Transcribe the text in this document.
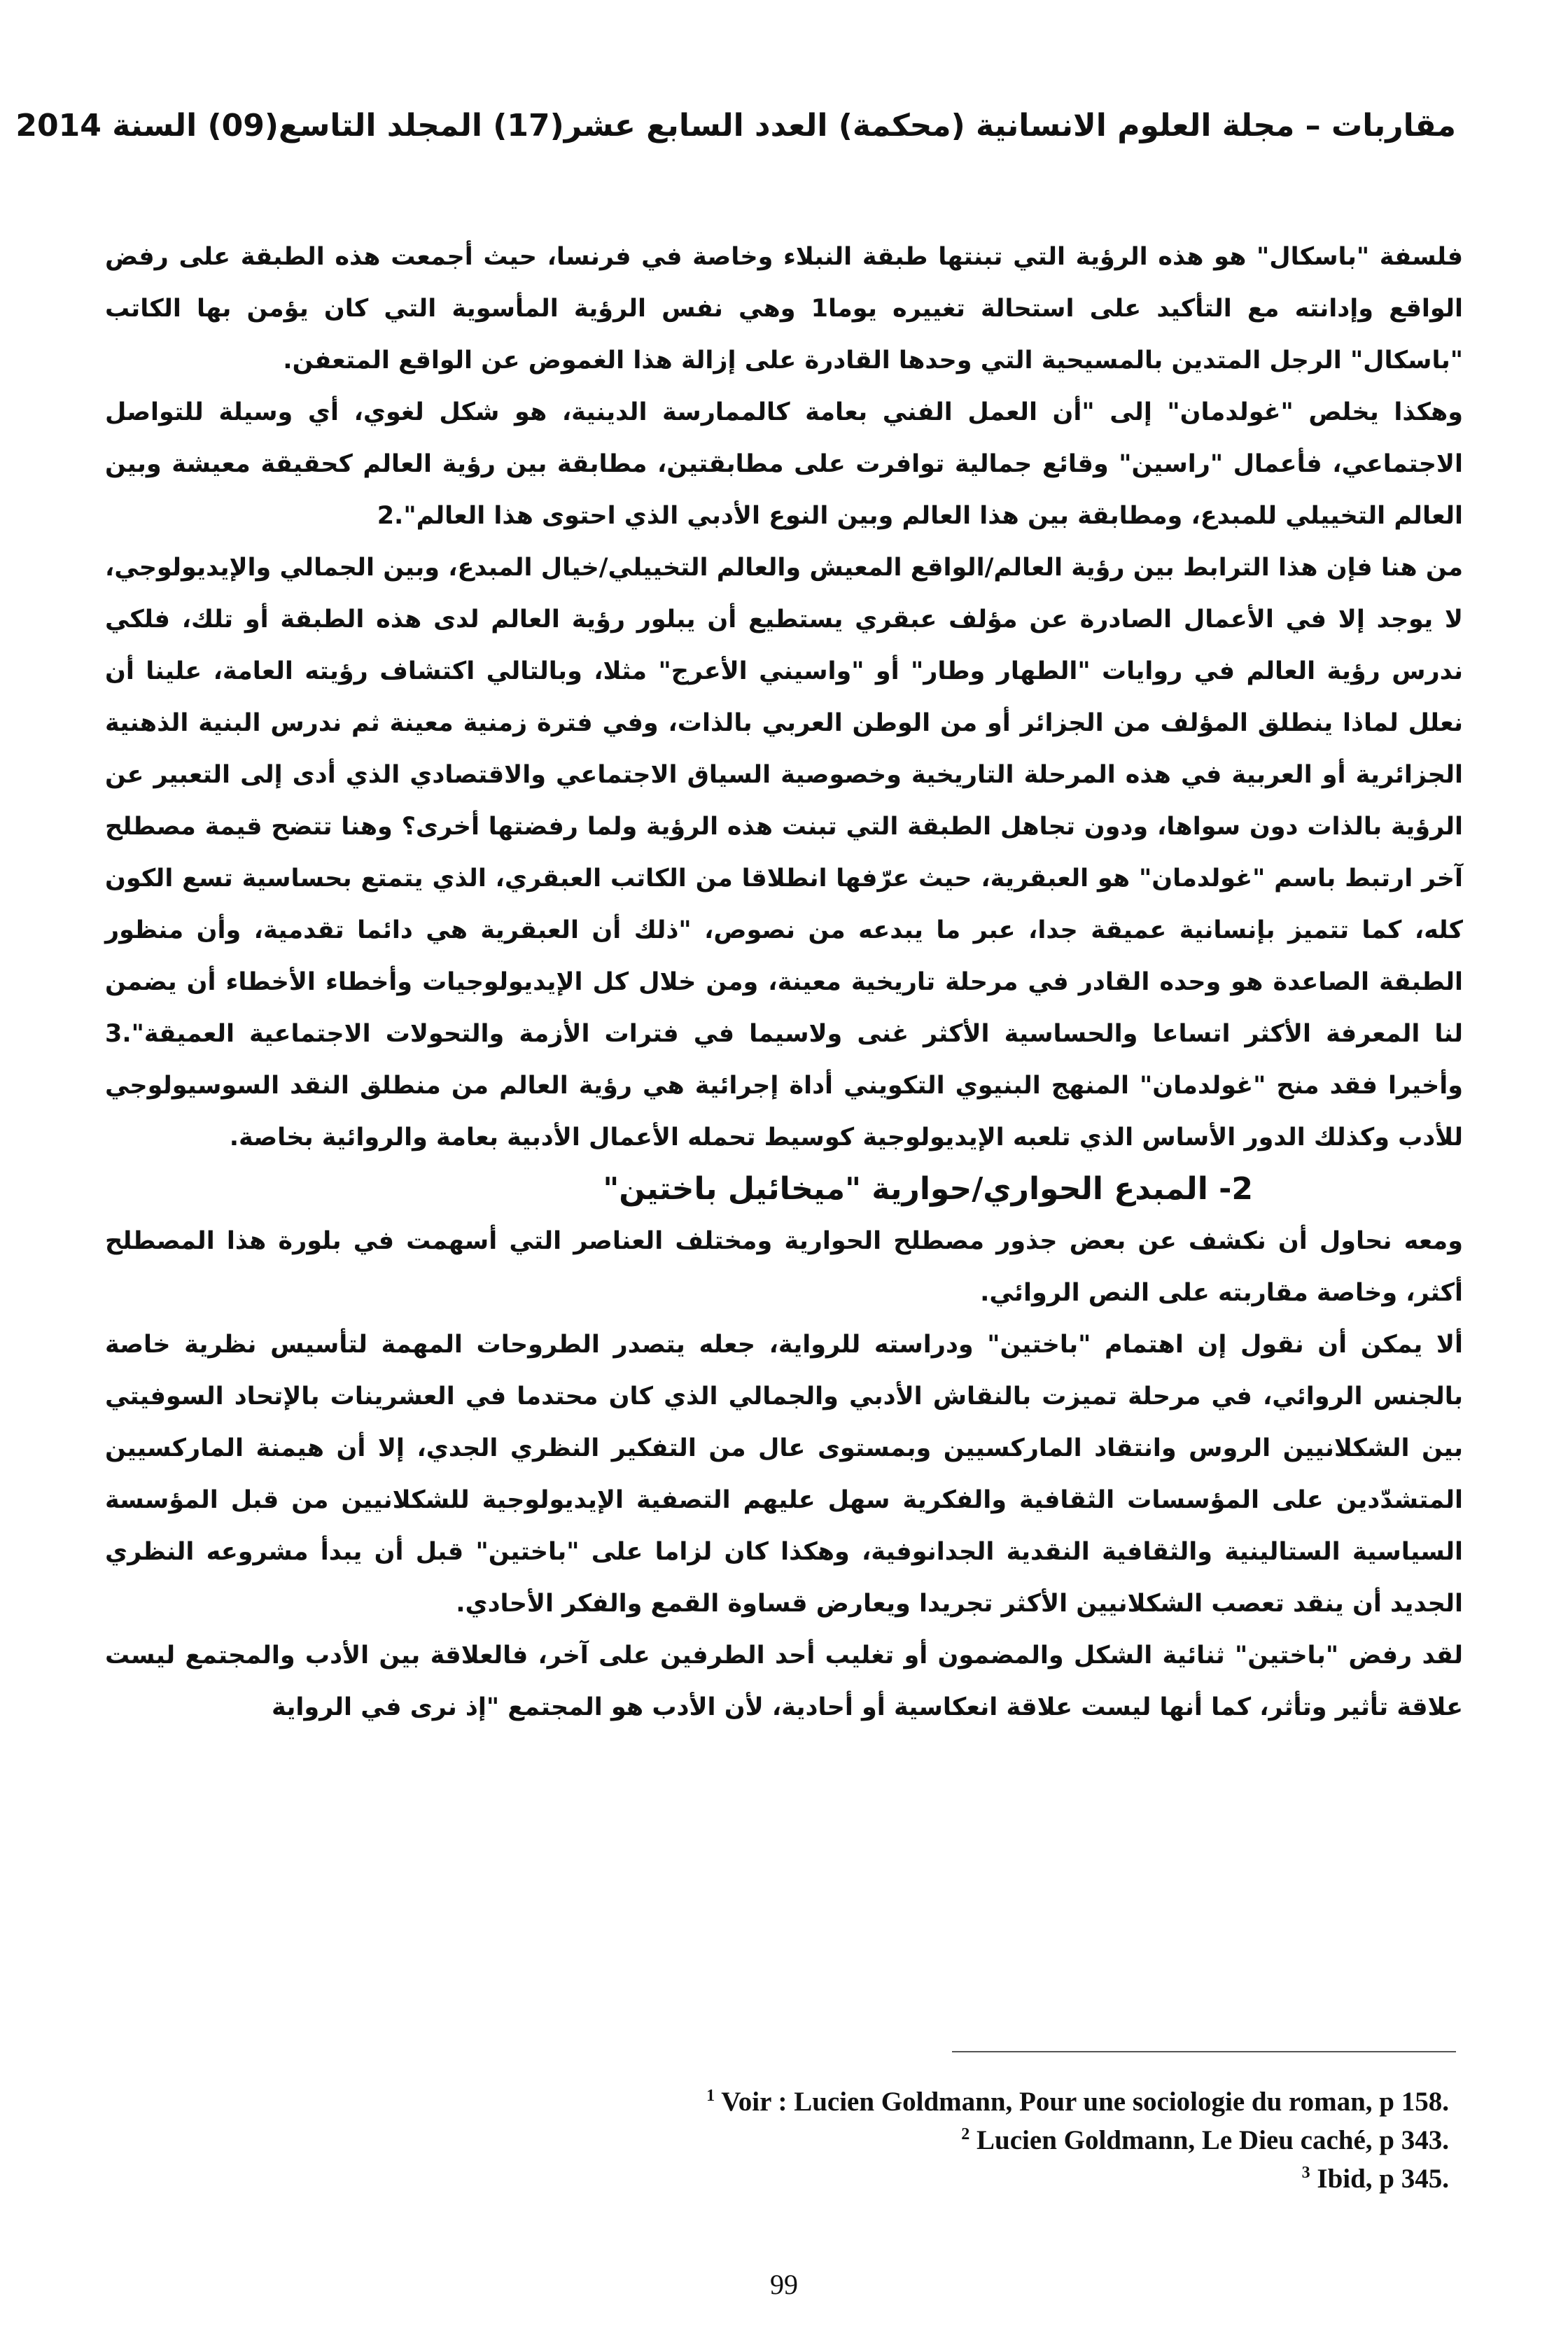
مقاربات – مجلة العلوم الانسانية (محكمة) العدد السابع عشر(17) المجلد التاسع(09) السنة 2014

فلسفة "باسكال" هو هذه الرؤية التي تبنتها طبقة النبلاء وخاصة في فرنسا، حيث أجمعت هذه الطبقة على رفض الواقع وإدانته مع التأكيد على استحالة تغييره يوما1 وهي نفس الرؤية المأسوية التي كان يؤمن بها الكاتب "باسكال" الرجل المتدين بالمسيحية التي وحدها القادرة على إزالة هذا الغموض عن الواقع المتعفن.

وهكذا يخلص "غولدمان" إلى "أن العمل الفني بعامة كالممارسة الدينية، هو شكل لغوي، أي وسيلة للتواصل الاجتماعي، فأعمال "راسين" وقائع جمالية توافرت على مطابقتين، مطابقة بين رؤية العالم كحقيقة معيشة وبين العالم التخييلي للمبدع، ومطابقة بين هذا العالم وبين النوع الأدبي الذي احتوى هذا العالم".2

من هنا فإن هذا الترابط بين رؤية العالم/الواقع المعيش والعالم التخييلي/خيال المبدع، وبين الجمالي والإيديولوجي، لا يوجد إلا في الأعمال الصادرة عن مؤلف عبقري يستطيع أن يبلور رؤية العالم لدى هذه الطبقة أو تلك، فلكي ندرس رؤية العالم في روايات "الطهار وطار" أو "واسيني الأعرج" مثلا، وبالتالي اكتشاف رؤيته العامة، علينا أن نعلل لماذا ينطلق المؤلف من الجزائر أو من الوطن العربي بالذات، وفي فترة زمنية معينة ثم ندرس البنية الذهنية الجزائرية أو العربية في هذه المرحلة التاريخية وخصوصية السياق الاجتماعي والاقتصادي الذي أدى إلى التعبير عن الرؤية بالذات دون سواها، ودون تجاهل الطبقة التي تبنت هذه الرؤية ولما رفضتها أخرى؟ وهنا تتضح قيمة مصطلح آخر ارتبط باسم "غولدمان" هو العبقرية، حيث عرّفها انطلاقا من الكاتب العبقري، الذي يتمتع بحساسية تسع الكون كله، كما تتميز بإنسانية عميقة جدا، عبر ما يبدعه من نصوص، "ذلك أن العبقرية هي دائما تقدمية، وأن منظور الطبقة الصاعدة هو وحده القادر في مرحلة تاريخية معينة، ومن خلال كل الإيديولوجيات وأخطاء الأخطاء أن يضمن لنا المعرفة الأكثر اتساعا والحساسية الأكثر غنى ولاسيما في فترات الأزمة والتحولات الاجتماعية العميقة".3 وأخيرا فقد منح "غولدمان" المنهج البنيوي التكويني أداة إجرائية هي رؤية العالم من منطلق النقد السوسيولوجي للأدب وكذلك الدور الأساس الذي تلعبه الإيديولوجية كوسيط تحمله الأعمال الأدبية بعامة والروائية بخاصة.

2- المبدع الحواري/حوارية "ميخائيل باختين"

ومعه نحاول أن نكشف عن بعض جذور مصطلح الحوارية ومختلف العناصر التي أسهمت في بلورة هذا المصطلح أكثر، وخاصة مقاربته على النص الروائي.

ألا يمكن أن نقول إن اهتمام "باختين" ودراسته للرواية، جعله يتصدر الطروحات المهمة لتأسيس نظرية خاصة بالجنس الروائي، في مرحلة تميزت بالنقاش الأدبي والجمالي الذي كان محتدما في العشرينات بالإتحاد السوفيتي بين الشكلانيين الروس وانتقاد الماركسيين وبمستوى عال من التفكير النظري الجدي، إلا أن هيمنة الماركسيين المتشدّدين على المؤسسات الثقافية والفكرية سهل عليهم التصفية الإيديولوجية للشكلانيين من قبل المؤسسة السياسية الستالينية والثقافية النقدية الجدانوفية، وهكذا كان لزاما على "باختين" قبل أن يبدأ مشروعه النظري الجديد أن ينقد تعصب الشكلانيين الأكثر تجريدا ويعارض قساوة القمع والفكر الأحادي.

لقد رفض "باختين" ثنائية الشكل والمضمون أو تغليب أحد الطرفين على آخر، فالعلاقة بين الأدب والمجتمع ليست علاقة تأثير وتأثر، كما أنها ليست علاقة انعكاسية أو أحادية، لأن الأدب هو المجتمع "إذ نرى في الرواية

$^1$ Voir : Lucien Goldmann, Pour une sociologie du roman, p 158.
$^2$ Lucien Goldmann, Le Dieu caché, p 343.
$^3$ Ibid, p 345.
99
